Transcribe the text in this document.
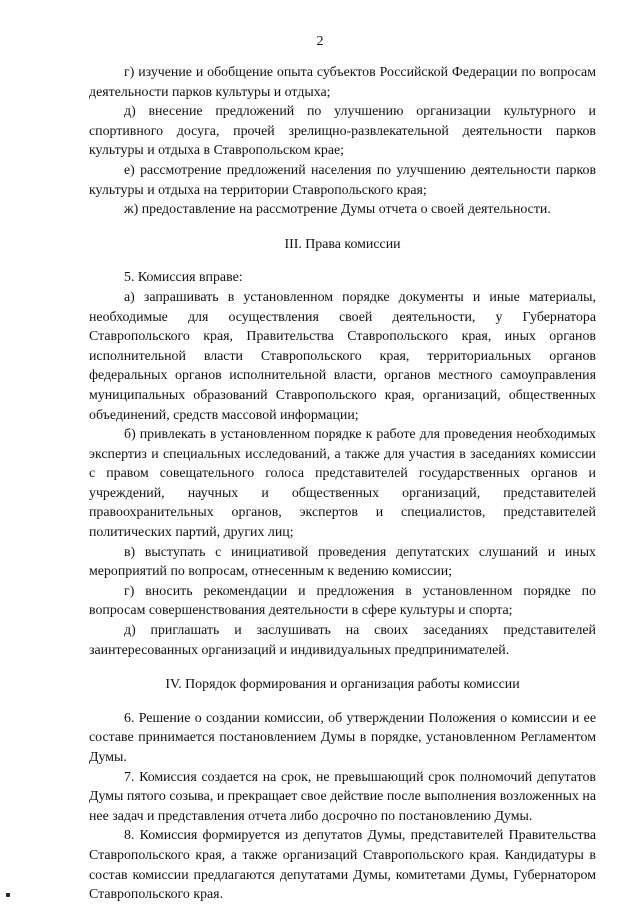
2

г) изучение и обобщение опыта субъектов Российской Федерации по вопросам деятельности парков культуры и отдыха;

д) внесение предложений по улучшению организации культурного и спортивного досуга, прочей зрелищно-развлекательной деятельности парков культуры и отдыха в Ставропольском крае;

е) рассмотрение предложений населения по улучшению деятельности парков культуры и отдыха на территории Ставропольского края;

ж) предоставление на рассмотрение Думы отчета о своей деятельности.

III. Права комиссии

5. Комиссия вправе:

а) запрашивать в установленном порядке документы и иные материалы, необходимые для осуществления своей деятельности, у Губернатора Ставропольского края, Правительства Ставропольского края, иных органов исполнительной власти Ставропольского края, территориальных органов федеральных органов исполнительной власти, органов местного самоуправления муниципальных образований Ставропольского края, организаций, общественных объединений, средств массовой информации;

б) привлекать в установленном порядке к работе для проведения необходимых экспертиз и специальных исследований, а также для участия в заседаниях комиссии с правом совещательного голоса представителей государственных органов и учреждений, научных и общественных организаций, представителей правоохранительных органов, экспертов и специалистов, представителей политических партий, других лиц;

в) выступать с инициативой проведения депутатских слушаний и иных мероприятий по вопросам, отнесенным к ведению комиссии;

г) вносить рекомендации и предложения в установленном порядке по вопросам совершенствования деятельности в сфере культуры и спорта;

д) приглашать и заслушивать на своих заседаниях представителей заинтересованных организаций и индивидуальных предпринимателей.

IV. Порядок формирования и организация работы комиссии

6. Решение о создании комиссии, об утверждении Положения о комиссии и ее составе принимается постановлением Думы в порядке, установленном Регламентом Думы.

7. Комиссия создается на срок, не превышающий срок полномочий депутатов Думы пятого созыва, и прекращает свое действие после выполнения возложенных на нее задач и представления отчета либо досрочно по постановлению Думы.

8. Комиссия формируется из депутатов Думы, представителей Правительства Ставропольского края, а также организаций Ставропольского края. Кандидатуры в состав комиссии предлагаются депутатами Думы, комитетами Думы, Губернатором Ставропольского края.
